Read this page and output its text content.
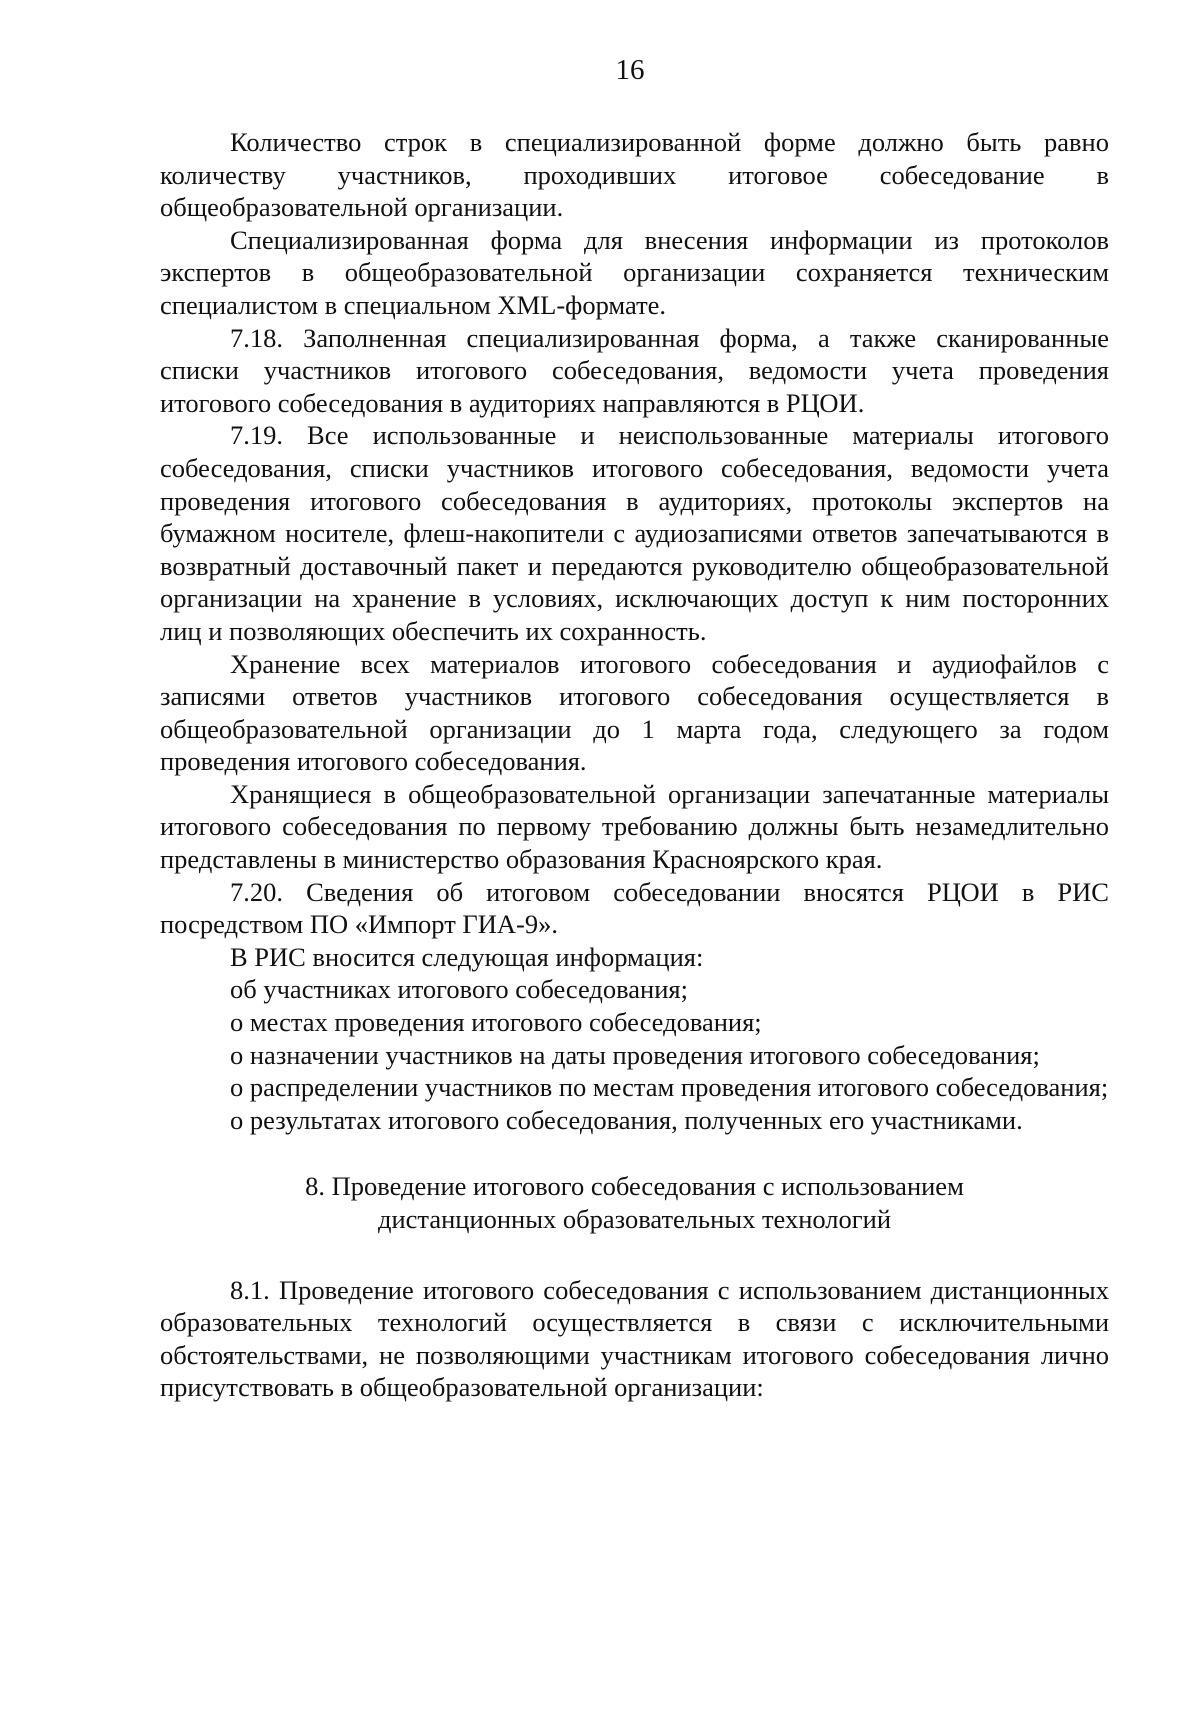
16

Количество строк в специализированной форме должно быть равно количеству участников, проходивших итоговое собеседование в общеобразовательной организации.

Специализированная форма для внесения информации из протоколов экспертов в общеобразовательной организации сохраняется техническим специалистом в специальном XML-формате.

7.18. Заполненная специализированная форма, а также сканированные списки участников итогового собеседования, ведомости учета проведения итогового собеседования в аудиториях направляются в РЦОИ.

7.19. Все использованные и неиспользованные материалы итогового собеседования, списки участников итогового собеседования, ведомости учета проведения итогового собеседования в аудиториях, протоколы экспертов на бумажном носителе, флеш-накопители с аудиозаписями ответов запечатываются в возвратный доставочный пакет и передаются руководителю общеобразовательной организации на хранение в условиях, исключающих доступ к ним посторонних лиц и позволяющих обеспечить их сохранность.

Хранение всех материалов итогового собеседования и аудиофайлов с записями ответов участников итогового собеседования осуществляется в общеобразовательной организации до 1 марта года, следующего за годом проведения итогового собеседования.

Хранящиеся в общеобразовательной организации запечатанные материалы итогового собеседования по первому требованию должны быть незамедлительно представлены в министерство образования Красноярского края.

7.20. Сведения об итоговом собеседовании вносятся РЦОИ в РИС посредством ПО «Импорт ГИА-9».

В РИС вносится следующая информация:

об участниках итогового собеседования;

о местах проведения итогового собеседования;

о назначении участников на даты проведения итогового собеседования;

о распределении участников по местам проведения итогового собеседования;

о результатах итогового собеседования, полученных его участниками.

8. Проведение итогового собеседования с использованием
дистанционных образовательных технологий

8.1. Проведение итогового собеседования с использованием дистанционных образовательных технологий осуществляется в связи с исключительными обстоятельствами, не позволяющими участникам итогового собеседования лично присутствовать в общеобразовательной организации:
